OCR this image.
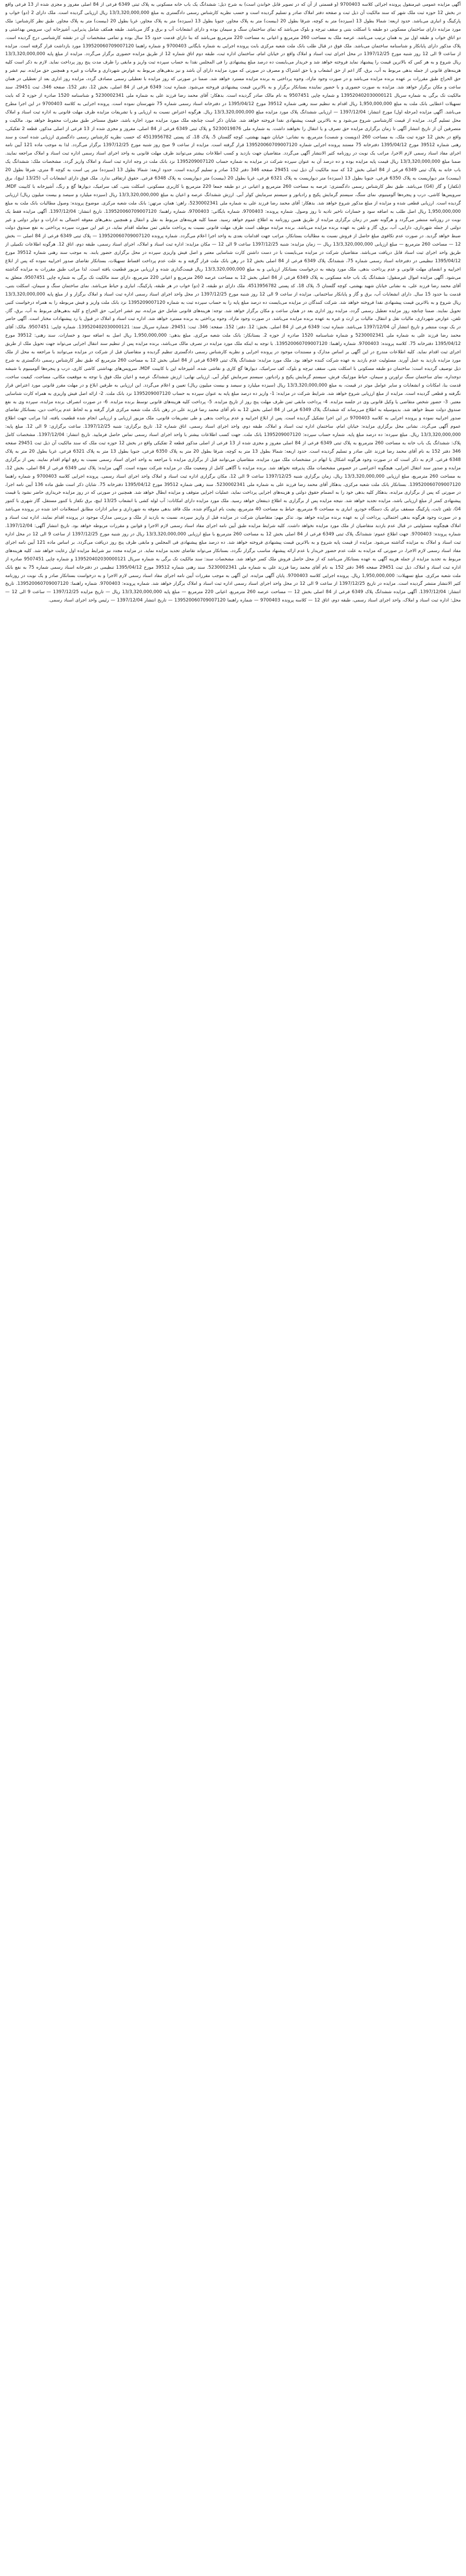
آگهی مزایده عمومی غیرمنقول پرونده اجرائی کلاسه 9700403 (و قسمتی از آن که در تصویر قابل خواندن است) به شرح ذیل: ششدانگ یک باب خانه مسکونی به پلاک ثبتی 6349 فرعی از 84 اصلی مفروز و مجزی شده از 13 فرعی واقع در بخش 12 حوزه ثبت ملک شهر که سند مالکیت آن ذیل ثبت و صفحه دفتر املاک صادر و تسلیم گردیده است و حسب نظریه کارشناس رسمی دادگستری به مبلغ 13/3,320,000,000 ریال ارزیابی گردیده است. ملک دارای 2 (دو) خواب و پارکینگ و انباری می‌باشد. حدود اربعه: شمالا بطول 13 (سیزده) متر به کوچه، شرقا بطول 20 (بیست) متر به پلاک مجاور، جنوبا بطول 13 (سیزده) متر به پلاک مجاور، غربا بطول 20 (بیست) متر به پلاک مجاور. طبق نظر کارشناس: ملک مورد مزایده دارای ساختمان مسکونی دو طبقه با اسکلت بتنی و سقف تیرچه و بلوک می‌باشد که نمای ساختمان سنگ و سیمان بوده و دارای انشعابات آب و برق و گاز می‌باشد. طبقه همکف شامل پذیرایی، آشپزخانه اپن، سرویس بهداشتی و دو اتاق خواب و طبقه اول نیز به همان ترتیب می‌باشد. عرصه ملک به مساحت 260 مترمربع و اعیانی به مساحت 220 مترمربع می‌باشد که بنا دارای قدمت حدود 15 سال بوده و تمامی مشخصات آن در نقشه کارشناسی درج گردیده است. پلاک مذکور دارای پایانکار و شناسنامه ساختمان می‌باشد. ملک فوق در قبال طلب بانک ملت شعبه مرکزی بابت پرونده اجرایی به شماره بایگانی 9700403 و شماره راهنما 139520060709007120 مورد بازداشت قرار گرفته است. مزایده از ساعت 9 الی 12 روز شنبه مورخ 1397/12/25 در محل اجرای ثبت اسناد و املاک واقع در خیابان امام، ساختمان اداره ثبت، طبقه دوم اتاق شماره 12 از طریق مزایده حضوری برگزار می‌گردد. مزایده از مبلغ پایه 13/3,320,000,000 ریال شروع و به هر کس که بالاترین قیمت را پیشنهاد نماید فروخته خواهد شد و خریدار می‌بایست ده درصد مبلغ پیشنهادی را فی المجلس نقدا به حساب سپرده ثبت واریز و مابقی را ظرف مدت پنج روز پرداخت نماید. لازم به ذکر است کلیه هزینه‌های قانونی از جمله بدهی مربوط به آب، برق، گاز اعم از حق انشعاب و یا حق اشتراک و مصرف در صورتی که مورد مزایده دارای آن باشد و نیز بدهی‌های مربوط به عوارض شهرداری و مالیات و غیره و همچنین حق مزایده، نیم عشر و حق الحراج طبق مقررات بر عهده برنده مزایده می‌باشد و در صورت وجود مازاد، وجوه پرداختی به برنده مزایده مسترد خواهد شد. ضمنا در صورتی که روز مزایده با تعطیلی رسمی مصادف گردد، مزایده روز اداری بعد از تعطیلی در همان ساعت و مکان برگزار خواهد شد. مزایده به صورت حضوری و با حضور نماینده بستانکار برگزار و به بالاترین قیمت پیشنهادی فروخته می‌شود. شماره ثبت: 6349 فرعی از 84 اصلی، بخش 12، دفتر 152، صفحه 346، ثبت 29451، سند مالکیت تک برگی به شماره سریال 139520402030000121 و شماره چاپی 9507451 به نام مالک صادر گردیده است. بدهکار: آقای محمد رضا فرزند علی به شماره ملی 5230002341 و شناسنامه 1520 صادره از حوزه 2 که بابت تسهیلات اعطایی بانک ملت به مبلغ 1,950,000,000 ریال اقدام به تنظیم سند رهنی شماره 39512 مورخ 1395/04/12 در دفترخانه اسناد رسمی شماره 75 شهرستان نموده است. پرونده اجرایی به کلاسه 9700403 در این اجرا مطرح می‌باشد. آگهی مزایده (مرحله اول) مورخ انتشار: 1397/12/04 — ارزیابی ششدانگ پلاک مورد مزایده مبلغ 13/3,320,000,000 ریال. هرگونه اعتراض نسبت به ارزیابی و یا تشریفات مزایده ظرف مهلت قانونی به اداره ثبت اسناد و املاک محل تسلیم گردد. مزایده از قیمت کارشناسی شروع می‌شود و به بالاترین قیمت پیشنهادی نقدا فروخته خواهد شد. شایان ذکر است چنانچه ملک مورد مزایده مورد اجاره باشد، حقوق مستاجر طبق مقررات محفوظ خواهد بود. مالکیت و متصرفین آن از تاریخ انتشار آگهی تا زمان برگزاری مزایده حق تصرف و یا انتقال را نخواهند داشت. به شماره ملی 5230019876 و پلاک ثبتی 6349 فرعی از 84 اصلی، مفروز و مجزی شده از 13 فرعی از اصلی مذکور، قطعه 2 تفکیکی، واقع در بخش 12 حوزه ثبت ملک، به مساحت 260 (دویست و شصت) مترمربع، به نشانی: خیابان شهید بهشتی، کوچه گلستان 5، پلاک 18، کد پستی 4513956782 که حسب نظریه کارشناس رسمی دادگستری ارزیابی شده است و سند رهنی شماره 39512 مورخ 1395/04/12 دفترخانه 75 مستند پرونده اجرایی شماره 139520060709007120 قرار گرفته است. مزایده از ساعت 9 صبح روز شنبه مورخ 1397/12/25 برگزار می‌گردد. لذا به موجب ماده 121 آیین نامه اجرای مفاد اسناد رسمی لازم الاجرا، مراتب یک نوبت در روزنامه کثیر الانتشار آگهی می‌گردد. متقاضیان جهت بازدید و کسب اطلاعات بیشتر می‌توانند ظرف مهلت قانونی به واحد اجرای اسناد رسمی اداره ثبت اسناد و املاک مراجعه نمایند. ضمنا مبلغ 13/3,320,000,000 ریال قیمت پایه مزایده بوده و ده درصد آن به عنوان سپرده شرکت در مزایده به شماره حساب 1395209007120 نزد بانک ملت در وجه اداره ثبت اسناد و املاک واریز گردد. مشخصات ملک: ششدانگ یک باب خانه به پلاک ثبتی 6349 فرعی از 84 اصلی بخش 12 که سند مالکیت آن ذیل ثبت 29451 صفحه 346 دفتر 152 صادر و تسلیم گردیده است. حدود اربعه: شمالا بطول 13 (سیزده) متر پی است به کوچه 8 متری، شرقا بطول 20 (بیست) متر دیواریست به پلاک 6350 فرعی، جنوبا بطول 13 (سیزده) متر دیواریست به پلاک 6321 فرعی، غربا بطول 20 (بیست) متر دیواریست به پلاک 6348 فرعی. حقوق ارتفاقی ندارد. ملک فوق دارای انشعابات آب (13/25 اینچ)، برق (تکفاز) و گاز (G4) می‌باشد. طبق نظر کارشناس رسمی دادگستری: عرصه به مساحت 260 مترمربع و اعیانی در دو طبقه جمعا 220 مترمربع با کاربری مسکونی، اسکلت بتنی، کف سرامیک، دیوارها گچ و رنگ، آشپزخانه با کابینت MDF، سرویس‌ها کاشی، درب و پنجره‌ها آلومینیوم، نمای سنگ، سیستم گرمایش پکیج و رادیاتور و سیستم سرمایش کولر آبی. ارزش ششدانگ عرصه و اعیان به مبلغ 13/3,320,000,000 ریال (سیزده میلیارد و سیصد و بیست میلیون ریال) ارزیابی گردیده است. ارزیابی قطعی شده و مزایده از مبلغ مذکور شروع خواهد شد. بدهکار: آقای محمد رضا فرزند علی به شماره ملی 5230002341، راهن: همان، مرتهن: بانک ملت شعبه مرکزی. موضوع پرونده: وصول مطالبات بانک ملت به مبلغ 1,950,000,000 ریال اصل طلب به اضافه سود و خسارات تاخیر تادیه تا روز وصول. شماره پرونده: 9700403، شماره بایگانی: 9700403، شماره راهنما: 139520060709007120. تاریخ انتشار: 1397/12/04. آگهی مزایده فقط یک نوبت در روزنامه منتشر می‌گردد و هرگونه تغییر در زمان برگزاری مزایده از طریق همین روزنامه به اطلاع عموم خواهد رسید. ضمنا کلیه هزینه‌های مربوط به نقل و انتقال و همچنین بدهی‌های معوقه احتمالی به ادارات و دوایر دولتی و غیر دولتی از جمله شهرداری، دارایی، آب، برق، گاز و تلفن به عهده برنده مزایده می‌باشد. برنده مزایده موظف است ظرف مهلت قانونی نسبت به پرداخت مابقی ثمن معامله اقدام نماید، در غیر این صورت سپرده پرداختی به نفع صندوق دولت ضبط خواهد گردید. در صورت عدم تکافوی مبلغ حاصل از فروش نسبت به مطالبات بستانکار، مراتب جهت اقدامات بعدی به واحد اجرا اعلام می‌گردد. شماره پرونده 139520060709007120 — پلاک ثبتی 6349 فرعی از 84 اصلی — بخش 12 — مساحت 260 مترمربع — مبلغ ارزیابی 13/3,320,000,000 ریال — زمان مزایده: شنبه 1397/12/25 ساعت 9 الی 12 — مکان مزایده: اداره ثبت اسناد و املاک، اجرای اسناد رسمی، طبقه دوم، اتاق 12. هرگونه اطلاعات تکمیلی از طریق واحد اجرای ثبت اسناد قابل دریافت می‌باشد. متقاضیان شرکت در مزایده می‌بایست با در دست داشتن کارت شناسایی معتبر و اصل فیش واریزی سپرده در محل برگزاری حضور یابند. به موجب سند رهنی شماره 39512 مورخ 1395/04/12 تنظیمی در دفترخانه اسناد رسمی شماره 75، ششدانگ پلاک 6349 فرعی از 84 اصلی بخش 12 در رهن بانک ملت قرار گرفته و به علت عدم پرداخت اقساط تسهیلات، بستانکار تقاضای صدور اجراییه نموده که پس از ابلاغ اجراییه و انقضای مهلت قانونی و عدم پرداخت بدهی، ملک مورد وثیقه به درخواست بستانکار ارزیابی و به مبلغ 13/3,320,000,000 ریال قیمت‌گذاری شده و ارزیابی مزبور قطعیت یافته است. لذا مراتب طبق مقررات به مزایده گذاشته می‌شود. آگهی مزایده اموال غیرمنقول: ششدانگ یک باب خانه مسکونی به پلاک 6349 فرعی از 84 اصلی بخش 12 به مساحت عرصه 260 مترمربع و اعیانی 220 مترمربع، دارای سند مالکیت تک برگی به شماره چاپی 9507451، متعلق به آقای محمد رضا فرزند علی، به نشانی خیابان شهید بهشتی، کوچه گلستان 5، پلاک 18، کد پستی 4513956782. ملک دارای دو طبقه، 2 (دو) خواب در هر طبقه، پارکینگ، انباری و حیاط می‌باشد. نمای ساختمان سنگ و سیمان، اسکلت بتنی، قدمت بنا حدود 15 سال. دارای انشعابات آب، برق و گاز و پایانکار ساختمانی. مزایده از ساعت 9 الی 12 روز شنبه مورخ 1397/12/25 در محل واحد اجرای اسناد رسمی اداره ثبت اسناد و املاک برگزار و از مبلغ پایه 13/3,320,000,000 ریال شروع و به بالاترین قیمت پیشنهادی نقدا فروخته خواهد شد. شرکت کنندگان در مزایده می‌بایست ده درصد مبلغ پایه را به حساب سپرده ثبت به شماره 1395209007120 نزد بانک ملت واریز و فیش مربوطه را به همراه درخواست کتبی تحویل نمایند. ضمنا چنانچه روز مزایده تعطیل رسمی گردد، مزایده روز اداری بعد در همان ساعت و مکان برگزار خواهد شد. توجه: هزینه‌های قانونی شامل حق مزایده، نیم عشر اجرایی، حق الحراج و کلیه بدهی‌های مربوط به آب، برق، گاز، تلفن، عوارض شهرداری، مالیات نقل و انتقال، مالیات بر ارث و غیره به عهده برنده مزایده می‌باشد. در صورت وجود مازاد، وجوه پرداختی به برنده مسترد خواهد شد. اداره ثبت اسناد و املاک در قبول یا رد پیشنهادات مختار است. آگهی حاضر در یک نوبت منتشر و تاریخ انتشار آن 1397/12/04 می‌باشد. شماره ثبت: 6349 فرعی از 84 اصلی. بخش: 12. دفتر: 152. صفحه: 346. ثبت: 29451. شماره سریال سند: 139520402030000121. شماره چاپی: 9507451. مالک: آقای محمد رضا فرزند علی به شماره ملی 5230002341 و شماره شناسنامه 1520 صادره از حوزه 2. بستانکار: بانک ملت شعبه مرکزی. مبلغ بدهی: 1,950,000,000 ریال اصل به اضافه سود و خسارات. سند رهنی: 39512 مورخ 1395/04/12 دفترخانه 75. کلاسه پرونده: 9700403. شماره راهنما: 139520060709007120. با توجه به اینکه ملک مورد مزایده در تصرف مالک می‌باشد، برنده مزایده پس از تنظیم سند انتقال اجرایی می‌تواند جهت تحویل ملک از طریق اجرای ثبت اقدام نماید. کلیه اطلاعات مندرج در این آگهی بر اساس مدارک و مستندات موجود در پرونده اجرایی و نظریه کارشناس رسمی دادگستری تنظیم گردیده و متقاضیان قبل از شرکت در مزایده می‌توانند با مراجعه به محل از ملک مورد مزایده بازدید به عمل آورند. مسئولیت عدم بازدید به عهده شرکت کننده خواهد بود. ملک مورد مزایده: ششدانگ پلاک ثبتی 6349 فرعی از 84 اصلی بخش 12 به مساحت 260 مترمربع که طبق نظر کارشناس رسمی دادگستری به شرح ذیل توصیف گردیده است: ساختمان دو طبقه مسکونی با اسکلت بتنی، سقف تیرچه و بلوک، کف سرامیک، دیوارها گچ کاری و نقاشی شده، آشپزخانه اپن با کابینت MDF، سرویس‌های بهداشتی کاشی کاری، درب و پنجره‌ها آلومینیوم با شیشه دوجداره، نمای ساختمان سنگ تراورتن و سیمان، حیاط موزاییک فرش، سیستم گرمایش پکیج و رادیاتور، سیستم سرمایش کولر آبی. ارزیابی نهایی: ارزش ششدانگ عرصه و اعیان ملک فوق با توجه به موقعیت مکانی، مساحت، کیفیت ساخت، قدمت بنا، امکانات و انشعابات و سایر عوامل موثر در قیمت، به مبلغ 13/3,320,000,000 ریال (سیزده میلیارد و سیصد و بیست میلیون ریال) تعیین و اعلام می‌گردد. این ارزیابی به طرفین ابلاغ و در مهلت مقرر قانونی مورد اعتراض قرار نگرفته و قطعی گردیده است. مزایده از مبلغ ارزیابی شروع خواهد شد. شرایط شرکت در مزایده: 1- واریز ده درصد مبلغ پایه به عنوان سپرده به حساب 1395209007120 نزد بانک ملت. 2- ارائه اصل فیش واریزی به همراه کارت شناسایی معتبر. 3- حضور شخص متقاضی یا وکیل قانونی وی در جلسه مزایده. 4- پرداخت مابقی ثمن ظرف مهلت پنج روز از تاریخ مزایده. 5- پرداخت کلیه هزینه‌های قانونی توسط برنده مزایده. 6- در صورت انصراف برنده مزایده، سپرده وی به نفع صندوق دولت ضبط خواهد شد. بدینوسیله به اطلاع می‌رساند که ششدانگ پلاک 6349 فرعی از 84 اصلی بخش 12 به نام آقای محمد رضا فرزند علی در رهن بانک ملت شعبه مرکزی قرار گرفته و به لحاظ عدم پرداخت دین، بستانکار تقاضای صدور اجراییه نموده و پرونده اجرایی به کلاسه 9700403 در این اجرا تشکیل گردیده است. پس از ابلاغ اجراییه و عدم پرداخت بدهی و طی تشریفات قانونی، ملک مزبور ارزیابی و ارزیابی انجام شده قطعیت یافته، لذا مراتب جهت اطلاع عموم آگهی می‌گردد. نشانی محل برگزاری مزایده: خیابان امام، ساختمان اداره ثبت اسناد و املاک، طبقه دوم، واحد اجرای اسناد رسمی، اتاق شماره 12. تاریخ برگزاری: شنبه 1397/12/25. ساعت برگزاری: 9 الی 12. مبلغ پایه: 13/3,320,000,000 ریال. مبلغ سپرده: ده درصد مبلغ پایه. شماره حساب سپرده: 1395209007120 بانک ملت. جهت کسب اطلاعات بیشتر با واحد اجرای اسناد رسمی تماس حاصل فرمایید. تاریخ انتشار: 1397/12/04. مشخصات کامل پلاک: ششدانگ یک باب خانه به مساحت 260 مترمربع به پلاک ثبتی 6349 فرعی از 84 اصلی مفروز و مجزی شده از 13 فرعی از اصلی مذکور قطعه 2 تفکیکی واقع در بخش 12 حوزه ثبت ملک که سند مالکیت آن ذیل ثبت 29451 صفحه 346 دفتر 152 به نام آقای محمد رضا فرزند علی صادر و تسلیم گردیده است. حدود اربعه: شمالا بطول 13 متر به کوچه، شرقا بطول 20 متر به پلاک 6350 فرعی، جنوبا بطول 13 متر به پلاک 6321 فرعی، غربا بطول 20 متر به پلاک 6348 فرعی. لازم به ذکر است که در صورت وجود هرگونه اشکال یا ابهام در مشخصات ملک مورد مزایده، متقاضیان می‌توانند قبل از برگزاری مزایده با مراجعه به واحد اجرای اسناد رسمی نسبت به رفع ابهام اقدام نمایند. پس از برگزاری مزایده و صدور سند انتقال اجرایی، هیچگونه اعتراضی در خصوص مشخصات ملک پذیرفته نخواهد شد. برنده مزایده با آگاهی کامل از وضعیت ملک در مزایده شرکت نموده است. آگهی مزایده: پلاک ثبتی 6349 فرعی از 84 اصلی، بخش 12، به مساحت 260 مترمربع، مبلغ ارزیابی 13/3,320,000,000 ریال، زمان برگزاری شنبه 1397/12/25 ساعت 9 الی 12، مکان برگزاری اداره ثبت اسناد و املاک واحد اجرای اسناد رسمی. پرونده اجرایی کلاسه 9700403 و شماره راهنما 139520060709007120. بستانکار بانک ملت شعبه مرکزی، بدهکار آقای محمد رضا فرزند علی به شماره ملی 5230002341. سند رهنی شماره 39512 مورخ 1395/04/12 دفترخانه 75. شایان ذکر است طبق ماده 136 آیین نامه اجرا، در صورتی که پس از برگزاری مزایده، بدهکار کلیه بدهی خود را به انضمام حقوق دولتی و هزینه‌های اجرایی پرداخت نماید، عملیات اجرایی متوقف و مزایده ابطال خواهد شد. همچنین در صورتی که در روز مزایده خریداری حاضر نشود یا قیمت پیشنهادی کمتر از مبلغ ارزیابی باشد، مزایده تجدید خواهد شد. نتیجه مزایده پس از برگزاری به اطلاع ذینفعان خواهد رسید. ملک مورد مزایده دارای امکانات: آب لوله کشی با انشعاب 13/25 اینچ، برق تکفاز با کنتور مستقل، گاز شهری با کنتور G4، تلفن ثابت، پارکینگ مسقف برای یک دستگاه خودرو، انباری به مساحت 6 مترمربع، حیاط به مساحت 40 مترمربع، پشت بام ایزوگام شده. ملک فاقد بدهی معوقه به شهرداری و سایر ادارات مطابق استعلامات اخذ شده در پرونده می‌باشد و در صورت وجود هرگونه بدهی احتمالی، پرداخت آن به عهده برنده مزایده خواهد بود. تذکر مهم: متقاضیان شرکت در مزایده قبل از واریز سپرده، نسبت به بازدید از ملک و بررسی مدارک موجود در پرونده اقدام نمایند. اداره ثبت اسناد و املاک هیچگونه مسئولیتی در قبال عدم بازدید متقاضیان از ملک مورد مزایده نخواهد داشت. کلیه شرایط مزایده طبق آیین نامه اجرای مفاد اسناد رسمی لازم الاجرا و قوانین و مقررات مربوطه خواهد بود. تاریخ انتشار آگهی: 1397/12/04. شماره پرونده: 9700403. جهت اطلاع عموم: ششدانگ پلاک ثبتی 6349 فرعی از 84 اصلی بخش 12 به مساحت 260 مترمربع با مبلغ ارزیابی 13/3,320,000,000 ریال در روز شنبه مورخ 1397/12/25 از ساعت 9 الی 12 در محل اداره ثبت اسناد و املاک به مزایده گذاشته می‌شود. مزایده از قیمت پایه شروع و به بالاترین قیمت پیشنهادی فروخته خواهد شد. ده درصد مبلغ پیشنهادی فی المجلس و مابقی ظرف پنج روز دریافت می‌گردد. بر اساس ماده 121 آیین نامه اجرای مفاد اسناد رسمی لازم الاجرا، در صورتی که مزایده به علت عدم حضور خریدار یا عدم ارائه پیشنهاد مناسب برگزار نگردد، بستانکار می‌تواند تقاضای تجدید مزایده نماید. در مزایده مجدد نیز شرایط مزایده اول رعایت خواهد شد. کلیه هزینه‌های مربوط به تجدید مزایده از جمله هزینه آگهی به عهده بستانکار می‌باشد که از محل حاصل فروش ملک کسر خواهد شد. مشخصات سند: سند مالکیت تک برگی به شماره سریال 139520402030000121 و شماره چاپی 9507451 صادره از اداره ثبت اسناد و املاک، ذیل ثبت 29451 صفحه 346 دفتر 152 به نام آقای محمد رضا فرزند علی به شماره ملی 5230002341. سند رهنی شماره 39512 مورخ 1395/04/12 تنظیمی در دفترخانه اسناد رسمی شماره 75 به نفع بانک ملت شعبه مرکزی. مبلغ تسهیلات: 1,950,000,000 ریال. پرونده اجرایی کلاسه 9700403. پایان آگهی مزایده. این آگهی به موجب مقررات آیین نامه اجرای مفاد اسناد رسمی لازم الاجرا و به درخواست بستانکار صادر و یک نوبت در روزنامه کثیر الانتشار منتشر گردیده است. مزایده در تاریخ 1397/12/25 از ساعت 9 الی 12 در محل واحد اجرای اسناد رسمی اداره ثبت اسناد و املاک برگزار خواهد شد. شماره پرونده: 9700403. شماره راهنما: 139520060709007120. تاریخ انتشار: 1397/12/04. آگهی مزایده ششدانگ پلاک 6349 فرعی از 84 اصلی بخش 12 — مساحت عرصه 260 مترمربع، اعیانی 220 مترمربع — مبلغ پایه 13/3,320,000,000 ریال — تاریخ مزایده 1397/12/25 — ساعت 9 الی 12 — محل: اداره ثبت اسناد و املاک، واحد اجرای اسناد رسمی، طبقه دوم، اتاق 12 — کلاسه پرونده 9700403 — شماره راهنما 139520060709007120 — تاریخ انتشار 1397/12/04 — رئیس واحد اجرای اسناد رسمی.
